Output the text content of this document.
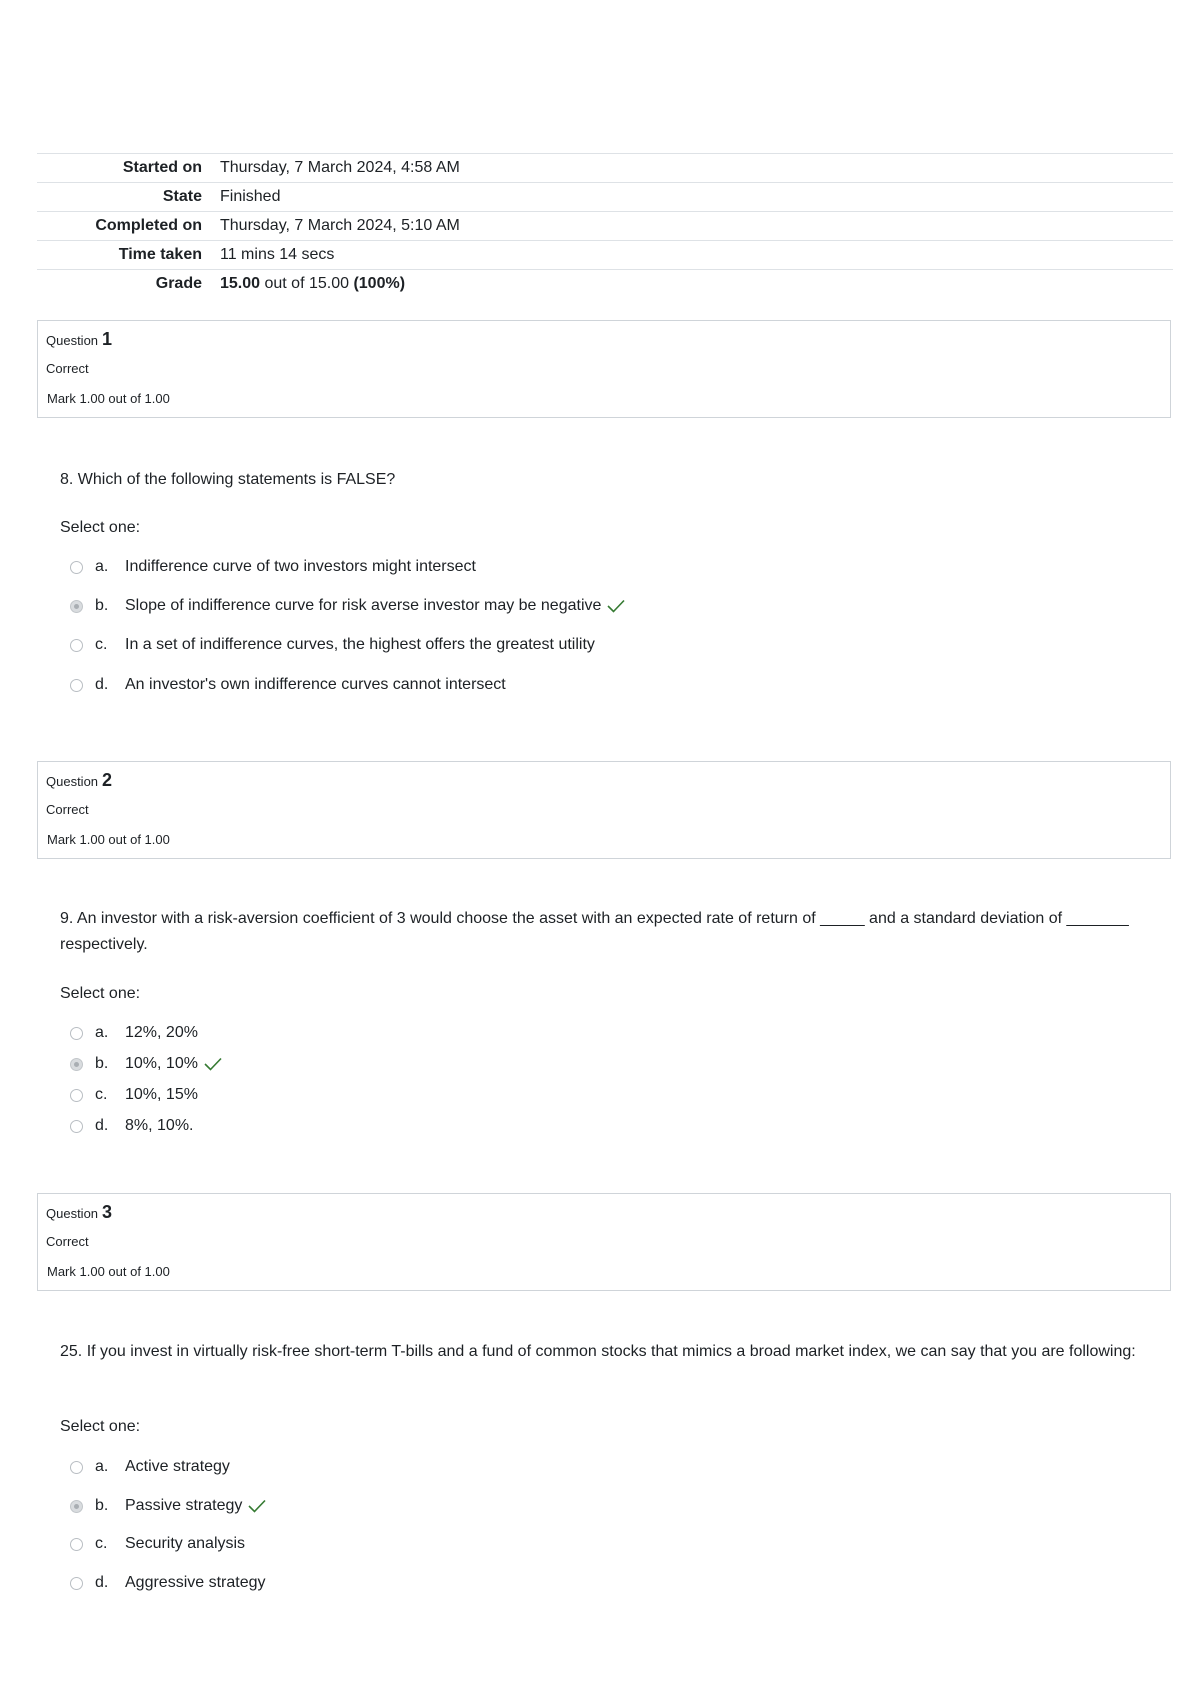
Started on	Thursday, 7 March 2024, 4:58 AM
State	Finished
Completed on	Thursday, 7 March 2024, 5:10 AM
Time taken	11 mins 14 secs
Grade	15.00 out of 15.00 (100%)
Question 1
Correct
Mark 1.00 out of 1.00
8. Which of the following statements is FALSE?
Select one:
a.	Indifference curve of two investors might intersect
b.	Slope of indifference curve for risk averse investor may be negative
c.	In a set of indifference curves, the highest offers the greatest utility
d.	An investor's own indifference curves cannot intersect
Question 2
Correct
Mark 1.00 out of 1.00
9. An investor with a risk-aversion coefficient of 3 would choose the asset with an expected rate of return of _____ and a standard deviation of _______ respectively.
Select one:
a.	12%, 20%
b.	10%, 10%
c.	10%, 15%
d.	8%, 10%.
Question 3
Correct
Mark 1.00 out of 1.00
25. If you invest in virtually risk-free short-term T-bills and a fund of common stocks that mimics a broad market index, we can say that you are following:
Select one:
a.	Active strategy
b.	Passive strategy
c.	Security analysis
d.	Aggressive strategy
